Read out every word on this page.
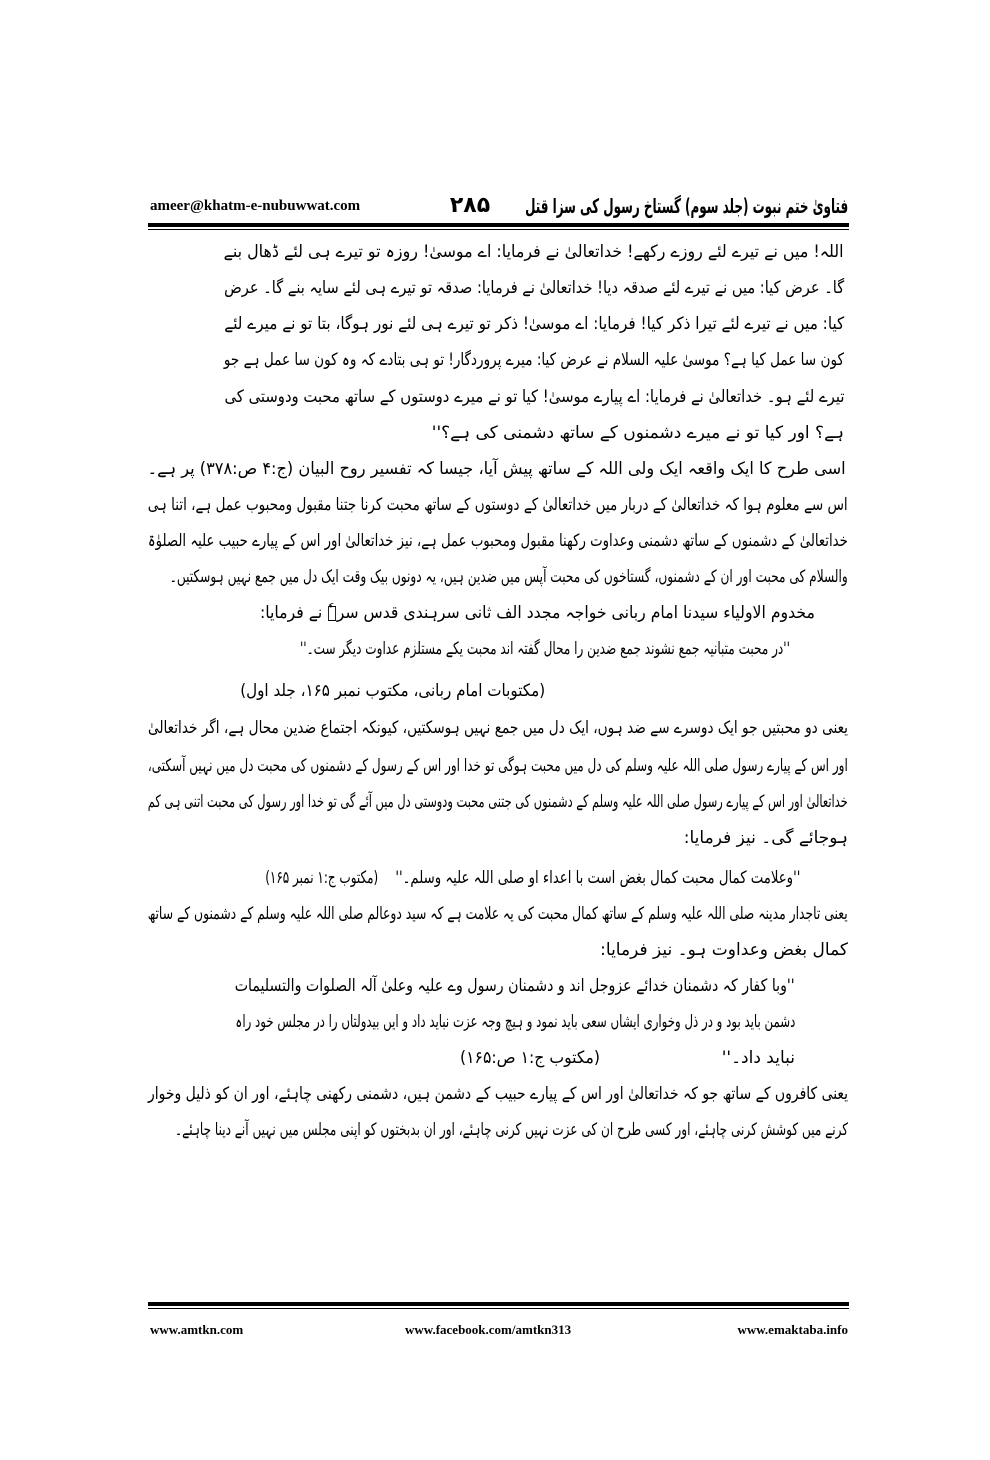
ameer@khatm-e-nubuwwat.com	۲۸۵	فتاویٰ ختم نبوت (جلد سوم) گستاخ رسول کی سزا قتل
اللہ! میں نے تیرے لئے روزے رکھے! خداتعالیٰ نے فرمایا: اے موسیٰ! روزہ تو تیرے ہی لئے ڈھال بنے
گا۔ عرض کیا: میں نے تیرے لئے صدقہ دیا! خداتعالیٰ نے فرمایا: صدقہ تو تیرے ہی لئے سایہ بنے گا۔ عرض
کیا: میں نے تیرے لئے تیرا ذکر کیا! فرمایا: اے موسیٰ! ذکر تو تیرے ہی لئے نور ہوگا، بتا تو نے میرے لئے
کون سا عمل کیا ہے؟ موسیٰ علیہ السلام نے عرض کیا: میرے پروردگار! تو ہی بتادے کہ وہ کون سا عمل ہے جو
تیرے لئے ہو۔ خداتعالیٰ نے فرمایا: اے پیارے موسیٰ! کیا تو نے میرے دوستوں کے ساتھ محبت ودوستی کی
ہے؟ اور کیا تو نے میرے دشمنوں کے ساتھ دشمنی کی ہے؟''
اسی طرح کا ایک واقعہ ایک ولی اللہ کے ساتھ پیش آیا، جیسا کہ تفسیر روح البیان (ج:۴ ص:۳۷۸) پر ہے۔
اس سے معلوم ہوا کہ خداتعالیٰ کے دربار میں خداتعالیٰ کے دوستوں کے ساتھ محبت کرنا جتنا مقبول ومحبوب عمل ہے، اتنا ہی
خداتعالیٰ کے دشمنوں کے ساتھ دشمنی وعداوت رکھنا مقبول ومحبوب عمل ہے، نیز خداتعالیٰ اور اس کے پیارے حبیب علیہ الصلوٰۃ
والسلام کی محبت اور ان کے دشمنوں، گستاخوں کی محبت آپس میں ضدین ہیں، یہ دونوں بیک وقت ایک دل میں جمع نہیں ہوسکتیں۔
مخدوم الاولیاء سیدنا امام ربانی خواجہ مجدد الف ثانی سرہندی قدس سرہٗ نے فرمایا:
''در محبت متبانیہ جمع نشوند جمع ضدین را محال گفتہ اند محبت یکے مستلزم عداوت دیگر ست۔''
(مکتوبات امام ربانی، مکتوب نمبر ۱۶۵، جلد اول)
یعنی دو محبتیں جو ایک دوسرے سے ضد ہوں، ایک دل میں جمع نہیں ہوسکتیں، کیونکہ اجتماع ضدین محال ہے، اگر خداتعالیٰ
اور اس کے پیارے رسول صلی اللہ علیہ وسلم کی دل میں محبت ہوگی تو خدا اور اس کے رسول کے دشمنوں کی محبت دل میں نہیں آسکتی،
خداتعالیٰ اور اس کے پیارے رسول صلی اللہ علیہ وسلم کے دشمنوں کی جتنی محبت ودوستی دل میں آئے گی تو خدا اور رسول کی محبت اتنی ہی کم
ہوجائے گی۔ نیز فرمایا:
''وعلامت کمال محبت کمال بغض است با اعداء او صلی اللہ علیہ وسلم۔''
(مکتوب ج:۱ نمبر ۱۶۵)
یعنی تاجدار مدینہ صلی اللہ علیہ وسلم کے ساتھ کمال محبت کی یہ علامت ہے کہ سید دوعالم صلی اللہ علیہ وسلم کے دشمنوں کے ساتھ
کمال بغض وعداوت ہو۔ نیز فرمایا:
''وبا کفار کہ دشمنان خدائے عزوجل اند و دشمنان رسول وے علیہ وعلیٰ آلہ الصلوات والتسلیمات
دشمن باید بود و در ذل وخواری ایشاں سعی باید نمود و ہیچ وجہ عزت نباید داد و ایں بیدولتاں را در مجلس خود راہ
نباید داد۔''
(مکتوب ج:۱ ص:۱۶۵)
یعنی کافروں کے ساتھ جو کہ خداتعالیٰ اور اس کے پیارے حبیب کے دشمن ہیں، دشمنی رکھنی چاہئے، اور ان کو ذلیل وخوار
کرنے میں کوشش کرنی چاہئے، اور کسی طرح ان کی عزت نہیں کرنی چاہئے، اور ان بدبختوں کو اپنی مجلس میں نہیں آنے دینا چاہئے۔
www.amtkn.com	www.facebook.com/amtkn313	www.emaktaba.info
